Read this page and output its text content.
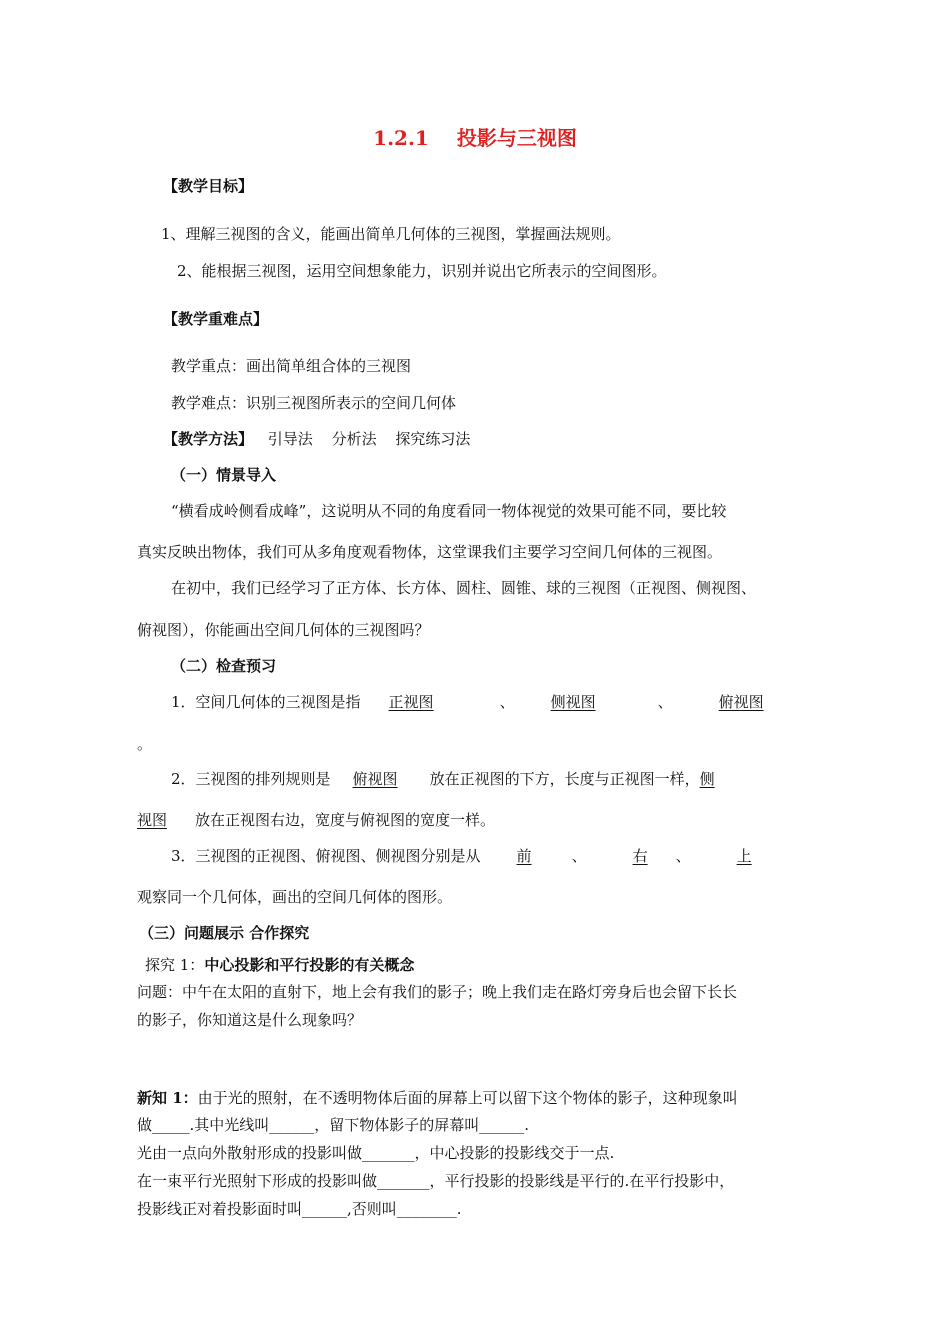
1.2.1 投影与三视图
【教学目标】
1、理解三视图的含义，能画出简单几何体的三视图，掌握画法规则。
2、能根据三视图，运用空间想象能力，识别并说出它所表示的空间图形。
【教学重难点】
教学重点：画出简单组合体的三视图
教学难点：识别三视图所表示的空间几何体
【教学方法】 引导法 分析法 探究练习法
（一）情景导入
“横看成岭侧看成峰”，这说明从不同的角度看同一物体视觉的效果可能不同，要比较
真实反映出物体，我们可从多角度观看物体，这堂课我们主要学习空间几何体的三视图。
在初中，我们已经学习了正方体、长方体、圆柱、圆锥、球的三视图（正视图、侧视图、
俯视图），你能画出空间几何体的三视图吗？
（二）检查预习
1．空间几何体的三视图是指 正视图	、 侧视图	、	俯视图
。
2．三视图的排列规则是 俯视图 放在正视图的下方，长度与正视图一样，侧
视图 放在正视图右边，宽度与俯视图的宽度一样。
3．三视图的正视图、俯视图、侧视图分别是从 前	、	右 、	上
观察同一个几何体，画出的空间几何体的图形。
（三）问题展示 合作探究
探究 1：中心投影和平行投影的有关概念
问题：中午在太阳的直射下，地上会有我们的影子；晚上我们走在路灯旁身后也会留下长长
的影子，你知道这是什么现象吗？
新知 1：由于光的照射，在不透明物体后面的屏幕上可以留下这个物体的影子，这种现象叫
做_____.其中光线叫______，留下物体影子的屏幕叫______.
光由一点向外散射形成的投影叫做_______，中心投影的投影线交于一点.
在一束平行光照射下形成的投影叫做_______，平行投影的投影线是平行的.在平行投影中，
投影线正对着投影面时叫______,否则叫________.
